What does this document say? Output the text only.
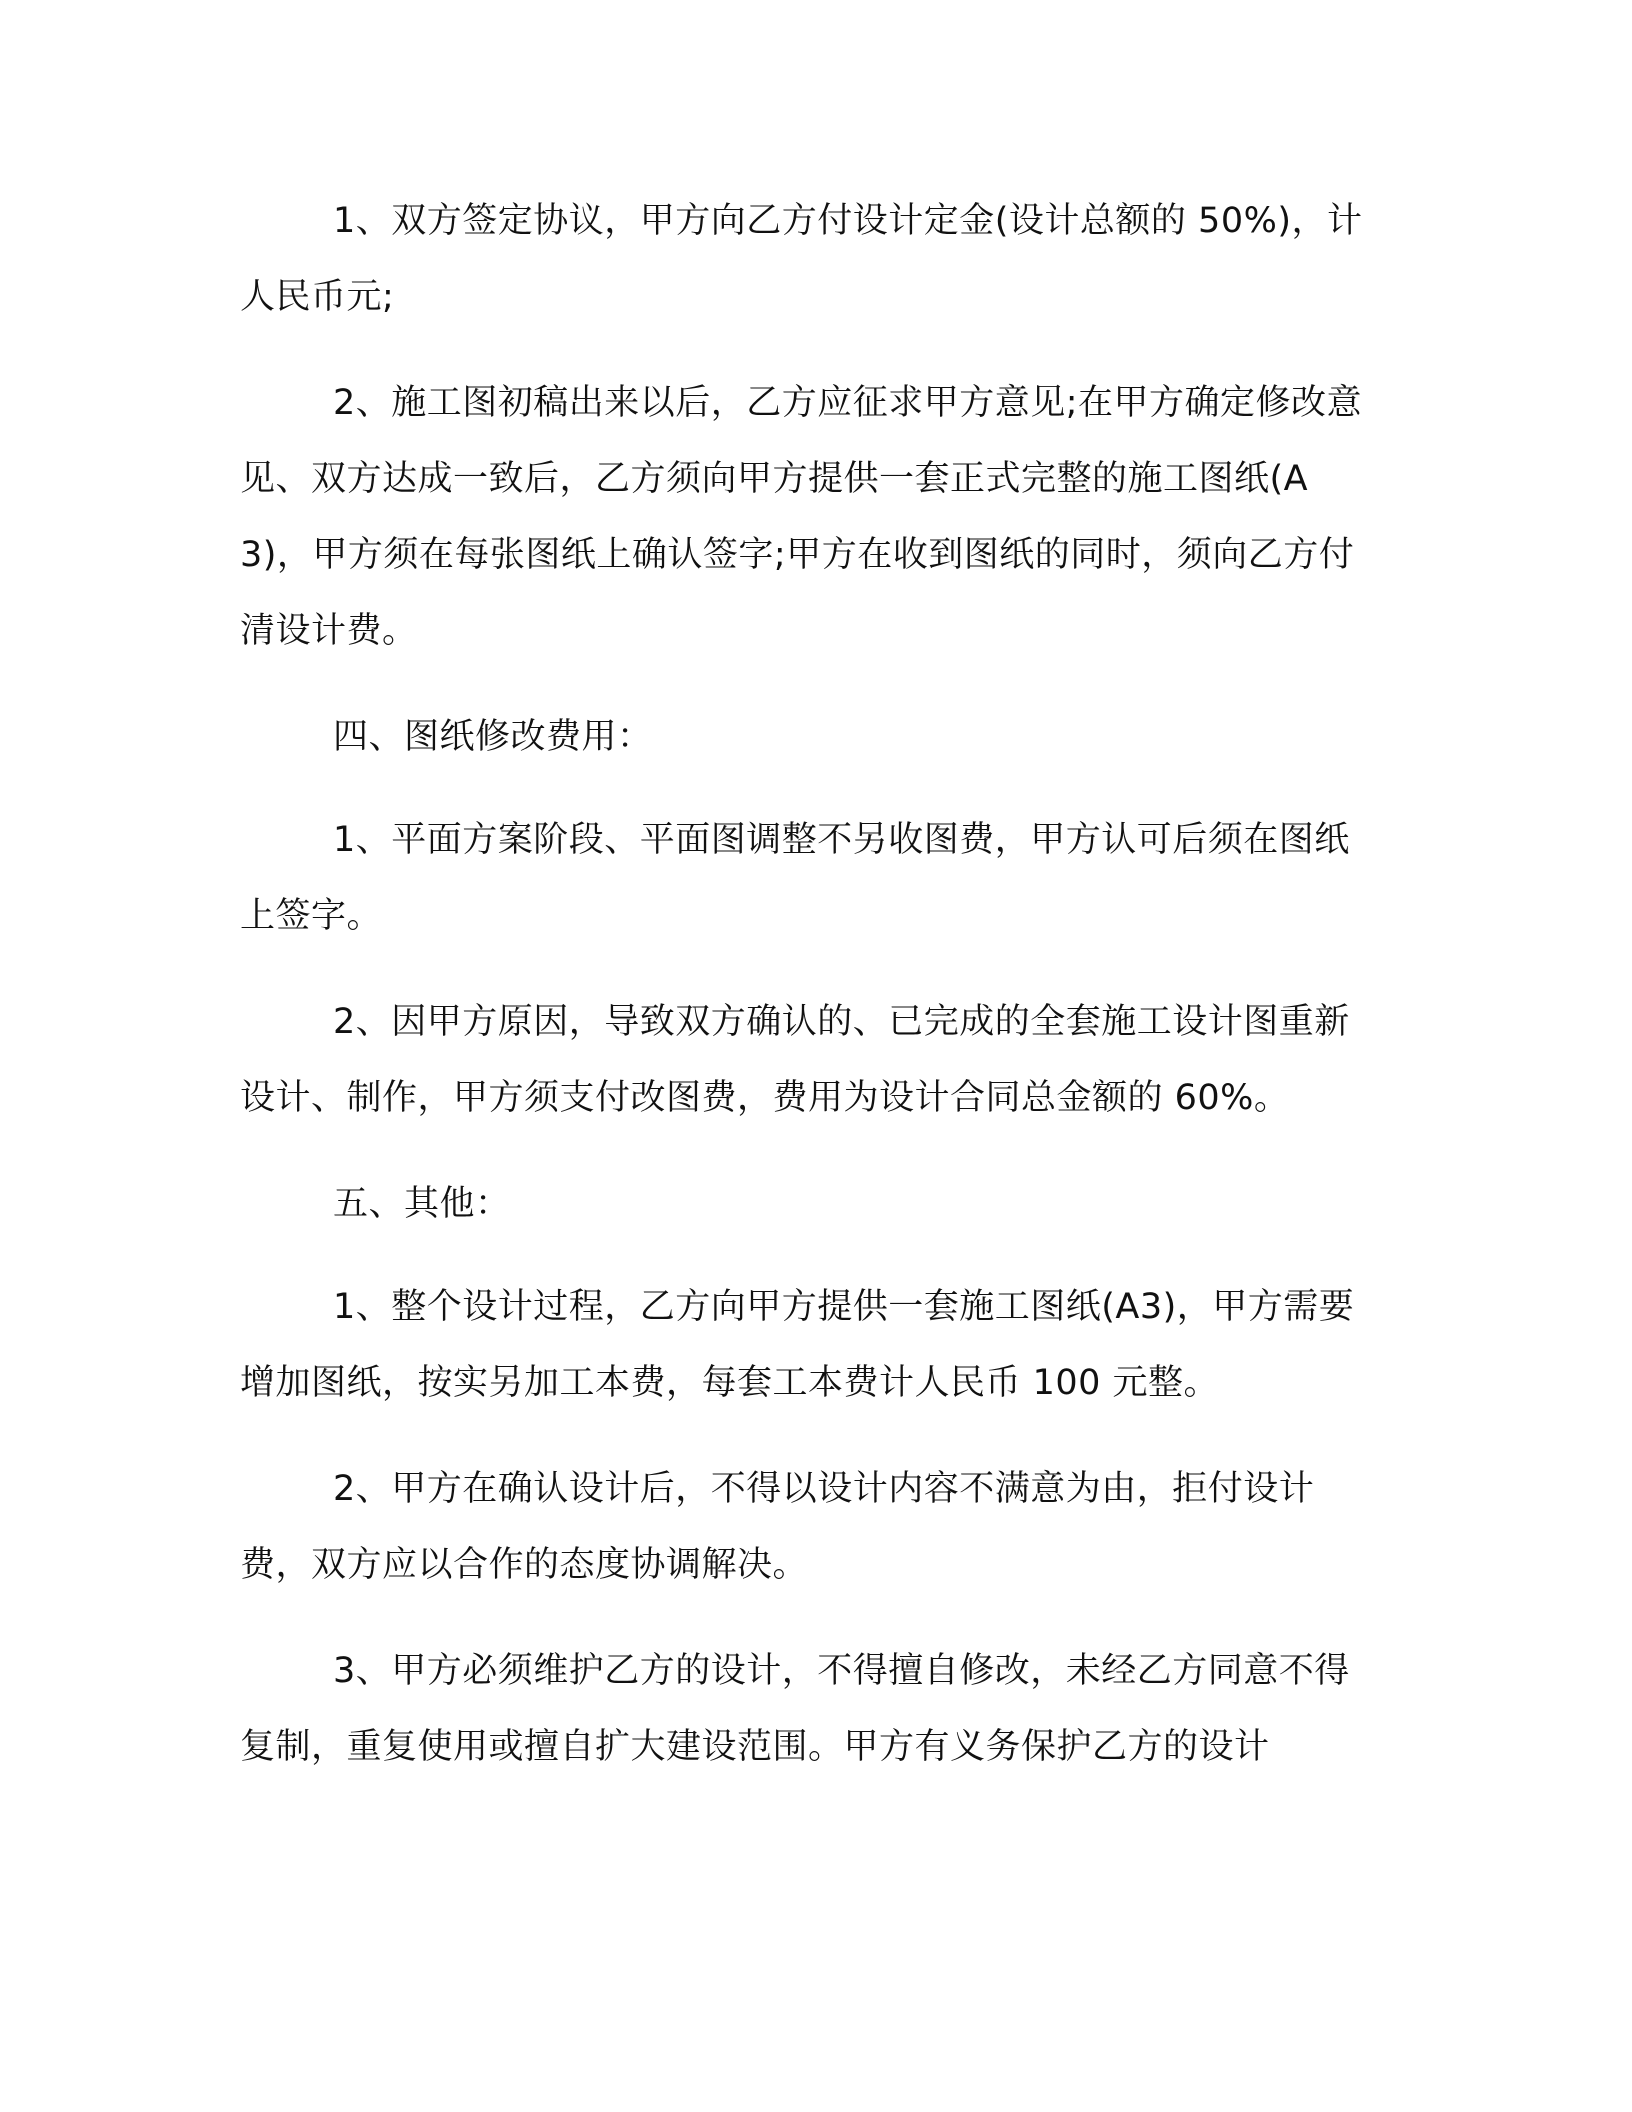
1、双方签定协议，甲方向乙方付设计定金(设计总额的 50%)，计人民币元;

2、施工图初稿出来以后，乙方应征求甲方意见;在甲方确定修改意见、双方达成一致后，乙方须向甲方提供一套正式完整的施工图纸(A3)，甲方须在每张图纸上确认签字;甲方在收到图纸的同时，须向乙方付清设计费。

四、图纸修改费用：

1、平面方案阶段、平面图调整不另收图费，甲方认可后须在图纸上签字。

2、因甲方原因，导致双方确认的、已完成的全套施工设计图重新设计、制作，甲方须支付改图费，费用为设计合同总金额的 60%。

五、其他：

1、整个设计过程，乙方向甲方提供一套施工图纸(A3)，甲方需要增加图纸，按实另加工本费，每套工本费计人民币 100 元整。

2、甲方在确认设计后，不得以设计内容不满意为由，拒付设计费，双方应以合作的态度协调解决。

3、甲方必须维护乙方的设计，不得擅自修改，未经乙方同意不得复制，重复使用或擅自扩大建设范围。甲方有义务保护乙方的设计
